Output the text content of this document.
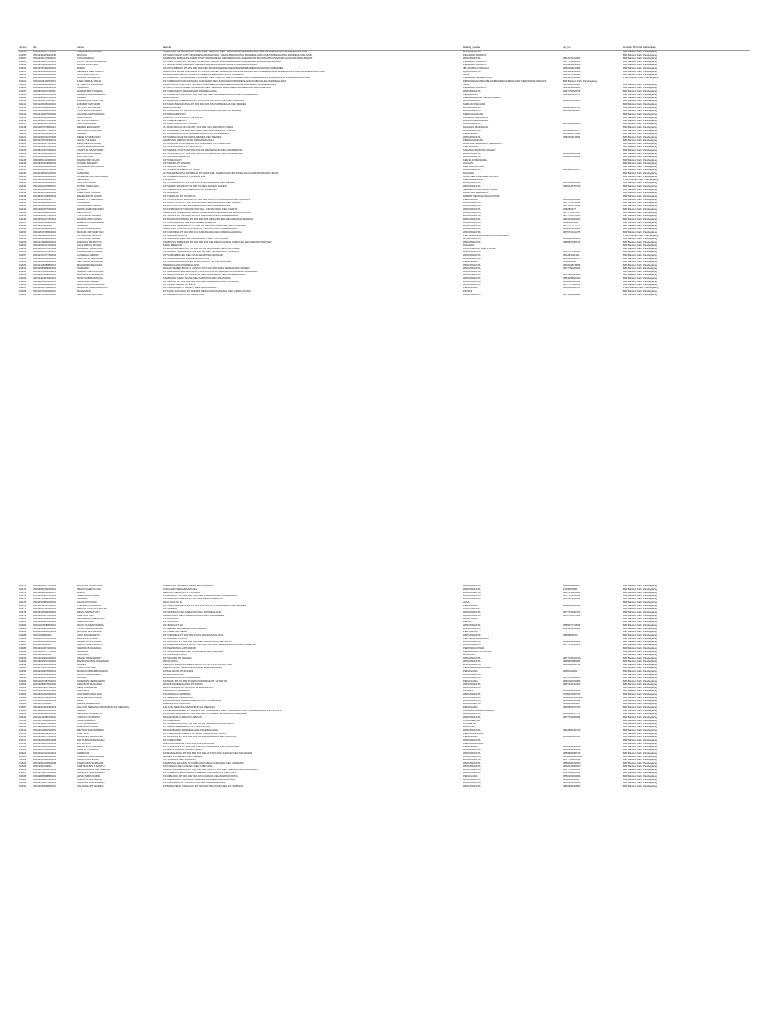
nomor	nik	nama	alamat	bidang_usaha	no_hp	sumber Provinsi Kabupaten
91350	3601241017770316	SAIHABUDIN ROMLI	KAMPUNG CIPACUNG RT 01/03 KEL. SARUNI. KEC. MAJASARI/PANDEGLANG KAB.PANDEGLANG PANDEGLANG KAB	WIRASWASTA		BRI Banten Kab. Pandeglang
91360	3601240306020030	MUSLIH	KP SAMI TANGTU RT 04/02/DESA BANGKONG , DESA BANGKONG PANDEGLANG KAB.PANDEGLANG PANDEGLANG KAB.	PEGAWAI SWASTA		BRI Banten Kab. Pandeglang
91367	3601292117500001	SITI RAHMAH	KAMPUNG BABAKAN ASEM RT/07 RW/02/DESA CIBARENGKOK ASEAM/TAN BOJONGPICUNG/KAB.CIANJUR/JAWA BARAT	WIRASWASTA	081317021083	BRI Banten Kab. Pandeglang
91380	3601264205700001	RATU YAYANI ROMDANI	KP KADU DAUN RT 003 RW 004/DSNS. LABANYAPANDEGLANG KAB.MENES PANDEGLANG KAB.	PEGAWAI SWASTA	087773204895	BRI Banten Kab. Pandeglang
91390	3601311604000001	FAJAR MULYANA	PT IMSUD AGRITAMANDL KENAL/PADAMANI BARATKMAL/I PADAMAN BARAT	PEGAWAI SWASTA	085303009308	BRI Banten Kab. Pandeglang
91400	3601270434000001	MIMIN	DS PATUKBELID RT 001 RW 004/KEC.BOHONGEWAH/DESABANEBABABEINGNORONO KEBUMEN	IBU RUMAH TANGGA	085249910486	BRI Banten Kab. Pandeglang
91401	3601214802830001	NENENG HERYAWATI	KAMPUNG PASIR LAKSANA RT 04 RW 02/KEL.SABAKAN KALANGKAPAH KEC.PANDEGLANGPANDEGLANG KAB.PANDEGLANG KAB	WIRASWASTA	081508983919	BRI Banten Kab. Pandeglang
91402	3601160608040002	UTIA SARI ALIYATI	RUMAH/MAR/HMUL/YANGITA CIREBON/BEDAMBI KOTA CIREBON	NULL	082637482992	BRI Banten Kab. Pandeglang
91403	3601284910040001	MIKING NURHAYATI	KP CIBANGO TENGAHKEL.PILIMBEN KEC.CARITA. KEL.PILIMBEN KEC.PANDEGLANG KAB.LABUAN PANDEGLANG KAB.	PEGAWAI NEGERI SIPIL	081363030303	PNM Banten Kab. Pandeglang
91404	3601191612870001	KAEF ABDUL MALIK	KP CIRENGIN KORJONGKEL.SUKASARI KEC.KADUHEJO/PANDEGLANG/KAB/CIALEG PANDEGLANG	PERUMAHGA BELSBLUK/BENDEGA/PENCAKR KERUM/021230101/2	BRI Banten Kab. Pandeglang	
91405	3601162911890024	M. WAHYU PRATAMA	KOMP.CIPROTAG CIPUTIH KEC.KADUHEJO/CIPERRBEGA/ANGKANG/KHEJO PANDEGLANG	NULL	085503105841	BRI Banten Kab. Pandeglang
91406	3601220809880001	SUHARDI	JL.KETIL KAV.40 BIKEL NASASARI KEC.SERANG BARU/BEKASIBSERANG BARU BEKASI	PEGAWAI SWASTA	082104280280	BRI Banten Kab. Pandeglang
91407	3601861110760002	DARMA BIN TASMAN	KP CISEUNDUT MEKARSARI PANDEGLANG	WIRASWASTA	082779666578	BRI Banten Kab. Pandeglang
91408	3601862101250001	MAMAN ABDURAHMAN	KP BABAKAN KAIKIA RT 001 RW 012 KEL.PANIMBANG/JAYA KEC.PANIMBANG	PEDAGANG	081911314778	BRI Banten Kab. Pandeglang
91409	3601860905760002	JAMHA	ARIKODANG	PERDEGA/MAG KELAPA SAWIT		BRI Banten Kab. Pandeglang
91410	3601911107620115	MAHMUDIN SOFIYAN	KP BABAKAN KEMBANG RT 01 RW 04 DS CILILITAN KEC.PADANG	WIRASWASTA	085812720385	BRI Banten Kab. Pandeglang
91411	3601130408040001	E BABAT MATHORI	KP KADU BANGKONG RT 003 RW 006 DS PURWARAJA KEC MENES	SABLON PAKAIAN		BRI Banten Kab. Pandeglang
91412	3601461508910002	NYI AYU SUTARSIH	MAJAU MAJAU	WIRASWASTA	082885212760	BRI Banten Kab. Pandeglang
91413	3601506908020001	YUNI MAULINASARI	KP CIBODAG RT 02 RW 03 DS CURUGBARANG KEC CIPECANG	WIRASWASTA	085911182400	BRI Banten Kab. Pandeglang
91414	3601214607030002	JULIANA ARSTONANG	KP PANGAMPOAN	PERDAGANGAN		BRI Banten Kab. Pandeglang
91415	3601210401920002	NUR HAYATI	CIUDUN TONJONG RT 19 RW 06	DAGANG MAKANAN		BRI Banten Kab. Pandeglang
91416	3601304107050008	nu TATI ROSMIATI	KP CISEKE MELATI	DAGA/UNAN/ABANG		BRI Banten Kab. Pandeglang
91417	3601890410762003	NIA KURNIASIH	KP KARYA BAKTI RT 002/011	WIRASWASTA	087888845420	BRI Banten Kab. Pandeglang
91418	3601110707860224	DEDEN ERNAWATI	JL. BUDI MULIA NO.124 RT. 012 RW. 012 JAKARTA UTARA	DAGANG MAKANAN		BRI Banten Kab. Pandeglang
91419	3601204257706001	AGI CAHYA DIGUNA	KP PAGIEBET DS BANJAR SARI KEC.KADUHEJO RT.002/03	WIRASWASTA	085948266877	BRI Banten Kab. Pandeglang
91420	3601261208620001	NASRIP	KP PANIMBANG DS PANIMBANGJAYA KC PANIMBANG	PEDAGANG	081319370082	BRI Banten Kab. Pandeglang
91421	3601260156270026	DEDE SYARIFUDIN	KP SARIDA DS/E DS DESA MENES KEC MENES	WIRASWASTA	085245314654	BRI Banten Kab. Pandeglang
91422	3601270150692031	JULIU YULIANA	KAMPUNG DEPOK 015/0 SINDANGKASIH	PERDAGANGAN		BRI Banten Kab. Pandeglang
91423	3601204107530108	REIN RESITA FAUZI	KP BUNGUR DUA 002/001 DS CIMANBIN KC CIBALONG	WARUNG SEMBAKO SEMBAKO		BRI Banten Kab. Pandeglang
91424	3601941307862001	RAKIM ERMAWAN/SHI	KP TANJUNGJAYA RT 02 RW 04	PERTANIAN		BRI Banten Kab. Pandeglang
91425	3601801407060021	YAZZT AL MUSTORIB	KP SIRMUL/YA RT 002 RW 004 DS MENARSARI KEC PANIMBANG	SARANG BURUNG WALET		BRI Banten Kab. Pandeglang
91426	3601201911082001	EZII BIN DARSIMAH	KP SUKAMAJU RT 002 RW 003 DS CITEURUUP KEC PANIMBANG	WIRASWASTA	085256020502	BRI Banten Kab. Pandeglang
91427	3601102408020004	ADI CAHYADI	KP KALAMIN BEBUSO	WIRASWASTA	085287083430	BRI Banten Kab. Pandeglang
91428	3601080211600002	RAMAN BIN SAJIN	KP TAMIAOLOT	KERJA DI BENGKEL		BRI Banten Kab. Pandeglang
91429	3601900303890002	SYARIF RAHMAT	KP TARIKILOT 002/002	JUALAN		BRI Banten Kab. Pandeglang
91430	3601802306800001	MUNAWAR BIN AGUS	KP KEUSIK 002/002	PERTANIAN PADI		BRI Banten Kab. Pandeglang
91431	3601501909710001	NATA	KP CIGEULIS BARAT RT 01/08	WIRASWASTA	081382056277	BRI Banten Kab. Pandeglang
91432	3601034811610002	SUDIASIH	JL PAGARIBH DSL RATIBAJA RT 02/09 KEL JAMIKA KEC BOJONGLOA KALER BANDUNG 40231	DAGANG		BRI Banten Kab. Pandeglang
91433	3601120508800238	SOHIBBIN FATUROHMAN	KP KASEMAN/SAN RT 014/004 RW.	JASA SERVICE ELEKTRONIK		BRI Banten Kab. Pandeglang
91434	3601124508890001	NENGSIH	PUCEC/LIT	PERDAGANGAN		PNM Banten Kab. Pandeglang
91435	3601101202630002	SOFYAN SAURI	KP CITAMIANG RT 02 RW 01 DS SUKAMANAH KEC MENES	WIRASWASTA	085782820344	BRI Banten Kab. Pandeglang
91436	3601104107860031	PUTRI TIARA ADLI	KP SAKETI PASIR RT 02 RW 01 DES SAKETI SAKETI	WIRASWASTA	083612875760	BRI Banten Kab. Pandeglang
91437	3601042611850002	RUSMIN	KP CIBINGI DS SUKASENDRU KC CIKEUSIK	SEMBAKO DAN HASIL BUMI		BRI Banten Kab. Pandeglang
91438	3601890150820004	SAEPUDIN JUHRIA	KP BLIBANG	WARUNG SEMBAKO		BRI Banten Kab. Pandeglang
91439	3601891700890002	BAHRUDIN B JAKIRI	KP TURNLAK RT 06 RW 04	PABRIK PENGGILINGAN PADI		BRI Banten Kab. Pandeglang
91440	3601068640001	RAHAYTI YOELANDA	KP CIUCNOANO MASJID RT 003 RW 004 DS OGONDANG KEC LABUAN	PEDAGANG	081080000000	BRI Banten Kab. Pandeglang
91441	3601140408802001	JUHAIDAH	KP PAMOYANG RT 012 RW 004 KEL.MEKARWANGI KEC.SAKETI	WIRASWASTA	087772978854	BRI Banten Kab. Pandeglang
91442	3601211805800002	TB ACHMAD FAUAL	PASIR KUNTUL KEL PANDEGLANG KEC.PANDEGLANG	WIRASWASTA	087552073132	BRI Banten Kab. Pandeglang
91443	3601260207500002	FENDI AHMADIN.ERN	KP KOMPLEK RT 003 RW 002 KEL. CIKONYANG KEC.CARITA	WIRASWASTA	035283277	BRI Banten Kab. Pandeglang
91444	3601220806810001	HERYANTO	KAMPUNG SAMLUKUR DESA PASIRJANGA KECAMATAN MORONCONG	WIRASWASTA	087773507327	BRI Banten Kab. Pandeglang
91445	3601242807680001	IYAS HALILI HASAN	KP JIDNUK RT 003 RW 003 DS KADOMAS KEC.PANDEGLANG	WIRASWASTA	087772872660	BRI Banten Kab. Pandeglang
91446	3601352102760001	RASPAN BIN KATRA	KP BOJEN BANTENG RT 002 RW 003 DESA BOJEN KECAMATAN SERANG	WIRASWASTA	081916262261	BRI Banten Kab. Pandeglang
91447	3601160409880002	ENENG KOMALASARI	KP KADUMBANG GIRANG CEMEL LIMBAYA	WIRASWASTA	081111111111	BRI Banten Kab. Pandeglang
91448	3601607405001	SUBHAN	KAMPUNG SEMPER RT 07 RW 04 KEL.BATUBANTAR KEC.CIMANUK	WIRASWASTA	087777777777	BRI Banten Kab. Pandeglang
91449	3601211612830026	H.USIN CHAIRUDIN	KAMPUNG TONJOLAYA KALIK RT 001 RW 008 PANDEGLANG	WIRASWASTA	085216101083	BRI Banten Kab. Pandeglang
91450	3601152708800004	MASUR 435 SDIKYAN	KP CIRONDA RT 001 RW 013 KADONANG KEC MANDALAWANGI	WIRASWASTA	087671641475	BRI Banten Kab. Pandeglang
91451	3601124806130001	KP BANJAR AGLON	KP BANJAR AGLON	PENYEDIA MAKANAN DAN MINUMAN		PNM Banten Kab. Pandeglang
91452	3601104909830001	TITA PUURTISAAKI	KP. GIDBANG KEL. BATUBANJANG / KEC. CIPUCANG	WIRASWASTA	085696165220	BRI Banten Kab. Pandeglang
91453	3601213806820001	ENDANG PRADITYA	KAMPUNG BABAKAN RT 004 RW 002 KEL/DESA KAANG KABUALE KECAMATAN BANJAR	WIRASWASTA	085687066070	BRI Banten Kab. Pandeglang
91454	3601202101740001	JAJA ABDUL ROJAK	KADU BEREUM	DAGANG		BRI Banten Kab. Pandeglang
91455	3601520107820192	ACHMAD SUPRIYADI	KP.BOJONG HEJO RT 02 RW 06 DS SUKASARI KEC.PULOSARI	COUNTER HP DAN PULSA		BRI Banten Kab. Pandeglang
91456	3601200107811025	ROHAN/ABN CINDAK	KP BOJEN TANGGUL RT 02 RW 02 KEL. BOJEN KEC. SOBANG	WIRASWASTA	087871755610	BRI Banten Kab. Pandeglang
91457	3601201707760002	A ZAENAL ABIDIN	KP SUMURBULEU KEL CITALAHAB KEC BANJAR	WIRASWASTA	081284111111	BRI Banten Kab. Pandeglang
91458	3601200209820002	SUFIYATIB SARM/AM	KP KAWANG ASIH PANDEGLANG KAL	WIRASWASTA	081363003676	BRI Banten Kab. Pandeglang
91459	3601200101890002	KEF FADLI/ALLAH AR	KP SUKAWANDANG KEL CIGAUNG/PUTRI KEC.BANJAR	PEDAGANG	025203860	BRI Banten Kab. Pandeglang
91460	3601211508880001	MUHAMMAD/HASAN	PANDEGLANG PANDEGLANG	WIRASWASTA	081910874686	BRI Banten Kab. Pandeglang
91461	3601208089802002	NURHADI	PASAR SENEN BLOK II LANTAI 4 RT 001 RW 006/L SENEN KEC.SENEN	WIRASWASTA	087775626634	BRI Banten Kab. Pandeglang
91462	3601207020809001	AHMAD TAETASJUAB	KP BARUBAN MALABANG RT 001 RW 003 DS MEKAR/TRUNBANG CADASARI	WIRASWASTA		BRI Banten Kab. Pandeglang
91463	3601220808880001	MANSUR B SARMUDI	KP MAJA MASJID RT 01 RW 02 KEL.SUKAMAJU KEC.PANDEGLANG	WIRASWASTA	085592368468	BRI Banten Kab. Pandeglang
91464	3601240407840001	ROSI NURDIANSYAH	KAMPUNG KADU SIANA KEL KARATON KEC MAJASARI	WIRASWASTA	085103862340	BRI Banten Kab. Pandeglang
91465	3601202049110002	SAKURAH KEMAL	KP DEPOK RT 002 RW 002 DS KERTARAHARJA KEC SOBANG	WIRASWASTA	085208020002	BRI Banten Kab. Pandeglang
91466	3601100806800004	MUKTAR BIN ANDUAH	KP PASIR JAMBU RT.24/08	WIRASWASTA	087771700015	BRI Banten Kab. Pandeglang
91467	3601104070880001	MAKMUR SAMSU/HAYATI	KP KADUDAMPIT SAKETI DES.KADUDAMPIT	PEDAGANG	085666282785	PNM Banten Kab. Pandeglang
91468	3601107104000001	MAHFUDIN	KP KADU KACANG RT 002/003 DESA KADUGUNUNG KEC CIPELUCANG	PETANI		BRI Banten Kab. Pandeglang
91469	3601047079000004	SRI BUNGA MAYANG	JL. BANGKA RAYA GG. AMAL 6/02	WIRASWASTA	087781194382	BRI Banten Kab. Pandeglang
91470	3601901007720024	ENTONG SUPRIYADI	KAMPUNG NAGROG DESA BAYUMUNDU	WIRASWASTA	081916838197	BRI Banten Kab. Pandeglang
91471	3601665108200001	IRFAN SAEPULLOH	SUKAJADI MEKARSARI KEL.	WIRASWASTA	1234567891	BRI Banten Kab. Pandeglang
91472	3601194002820007	MIMIN	MEIDON SEJATI/KI RT 001/001	WIRASWASTA	082785223626	BRI Banten Kab. Pandeglang
91473	3601662404720001	SAEPUDIN B.MAH	KP.BINGKUT RT 003 RW 013 KEL.KARANG KEC.PANIMBANG	WIRASWASTA	087772431502	BRI Banten Kab. Pandeglang
91474	3601073808860002	SUKAES	KP.KABANG CILENG RT 007/008 DESA LAHMAYA	WIRASWASTA	087885352612	BRI Banten Kab. Pandeglang
91475	3601203088420001	AGUS ROSYADI	PAAL DUA LK B	JASA		BRI Banten Kab. Pandeglang
91476	3601131201720002	TUBAGUS ALWALID	KP KADU BANGKONG RT 001 RW 006 DS PURWARAJA KEC.MENES	PEDAGANG	085216080016	BRI Banten Kab. Pandeglang
91477	3601164708030001	MELON CUCITA PRATWI	KP IKADEN	COUNTER HP		BRI Banten Kab. Pandeglang
91478	3601210608030001	DEVA JUMANIYATI	KP SINURKU KEL KABAYAN KEC PANDEGLANG	WIRASWASTA	087772640700	BRI Banten Kab. Pandeglang
91479	3601200407060002	ADE SOFYAN	RAWA LAUJI KEL PEGADUNGAN KEC.KALIDERES	WIRASWASTA	087878037580	BRI Banten Kab. Pandeglang
91480	3601280409840001	MUHAMAD ZAENUDIN	KP BURUNG	HASIL BUMI		BRI Banten Kab. Pandeglang
91481	3601288807830002	ABDULROSID	KP SUKAKIN	KERJA		BRI Banten Kab. Pandeglang
91482	3601120308800002	RATU CHOERUNNISA	KP. BARU RT.1/2	WIRASWASTA	085507774569	BRI Banten Kab. Pandeglang
91483	3601013086302001	YAYAT ARIFATULLAH	KP MENES DS MENES KEC MENES	WIRASWASTA	081599203468	BRI Banten Kab. Pandeglang
91484	3601662804010001	MUSLIM BIN ARSAD	KP CIBEUSIK DESA	PERTANIAN		BRI Banten Kab. Pandeglang
91485	3601105080002	YANI SINUMADITO	KP CIRONDA RT 004 RW 04 DS MANGGUNGJAYA	WIRASWASTA	0865883040	BRI Banten Kab. Pandeglang
91486	3601247070370001	ELA ROSTIKNAH	KP BANJAR KULON	PENTEDA MAKANAN		BRI Banten Kab. Pandeglang
91487	3601430204000001	HINDA NOVITASARI	KP BOJONG RT 001 RW 003 KEL.SALAPRAYA KEC.APUT	WIRASWASTA	088888888888	BRI Banten Kab. Pandeglang
91488	3601411610001	HIRFIN SAIM MAYATI	KP BABAKAN/SANDI.NU RT 002 RW 002 KEL CIMRUHIMATAN KEC CIBELIAK	WIRASWASTA	087772262206	BRI Banten Kab. Pandeglang
91489	3601302407440001	SAMSIN B.DADANG	KP PEMATANG JATI/002/08	PERTANIAN PADI		BRI Banten Kab. Pandeglang
91490	3601622077770001	MAHFUD	KP SUMURBUBEU KEL CITALAHAB KEC.BANJAR	PEDAGANG LOS BUAH		BRI Banten Kab. Pandeglang
91491	3601164100002	SOFINAH	KP CANGKEUTEUK	WARUNG		BRI Banten Kab. Pandeglang
91492	3601204901630001	INDAH TRISNAWATI	KP SANJAR RT 002/003	WIRASWASTA	087772632130	BRI Banten Kab. Pandeglang
91493	3601662604720001	BANDANG BIN MUHAMAD	PATAI PATIA	WIRASWASTA	085955488384	BRI Banten Kab. Pandeglang
91494	3601204502000001	ROHIDI	PERUM TAMAN MODERN BLOK C3 NO 01 RT.015/RT.129	WIRASWASTA	081646049702	BRI Banten Kab. Pandeglang
91495	3601470107090001	YADI FITRIYADI	PERUM BUKIT KEMUNING DESA BURANGKENG	PENGGANAN/AN PADI		BRI Banten Kab. Pandeglang
91496	3601201807830001	MAMAN ABDURROHMAN	KP.KALUKON RT.001/002	PEDAGANG	0836102002	BRI Banten Kab. Pandeglang
91497	3601200308880002	MAYA JUMMILAWATI	KP.MAJAU/DUSU	WIRASWASTA		BRI Banten Kab. Pandeglang
91498	3601300107890101	JUBAIR	PANIMBANGJAYA PANIMBANG	WIRASWASTA	085750438182	BRI Banten Kab. Pandeglang
91499	3601100708700002	NOERDIN HERMAWAN	KP BARU RT 10 RW 03 DES PASIRMAE RT 10 RW 05	PEDAGANG	085216033080	BRI Banten Kab. Pandeglang
91500	3601208807830002	AKROM B SUHANDA	PASAR PANDEGLANG RT.03/004	WIRASWASTA	085734431323	BRI Banten Kab. Pandeglang
91501	3601226404700001	NENI SUHAESIH	BLOK PAHING RT.02 RW.0 SINDANGLAUT	WIRASWASTA		BRI Banten Kab. Pandeglang
91502	3601208406010001	SUDIMAN	CIBINGKUT/SUHARDI	JUALAN	085000000000	BRI Banten Kab. Pandeglang
91503	3601620208100001	AAS ARIB MAULANA	TIGARAKSA LAMPARA	WIRASWASTA	070007000700	BRI Banten Kab. Pandeglang
91504	3601202708840002	NINA NIKGRUNSISA	KP SEMPUR CIBALIANG	WIRASWASTA	085093003000/B	BRI Banten Kab. Pandeglang
91505	3601604102820002	AIDIL	LINGKUNGAN SIMARKHARNA 06 07 CISEMBOR	WIRASWASTA	081289166063	BRI Banten Kab. Pandeglang
91506	3601107102002	ABING MAHADMIN	RAMANLUU CIUDUON	WIRASWASTA	083691110324	BRI Banten Kab. Pandeglang
91507	3601620404000001	KALLON SERANG PENGIRUN AS SERANG	KALLON SERANG PENGIRUN AS SERANG	PEDAGANG	081886472760	BRI Banten Kab. Pandeglang
91508	3601220107860105	NIRDIA	KP.CIBAHO/HAJER RT 002/001 DS. TANGKARN KEC. CADASARI KAB. PANDEGLANG PROVINSI B	DAGANG BUAH-BUAHAN		BRI Banten Kab. Pandeglang
91509	3601200102830000	NENONG SUHARTIN	KP.PASIR GADUNG RT.001 RW.002 DS SIKENTIR/NGKING.CADASARI	WIRASWASTA	085283647773	BRI Banten Kab. Pandeglang
91510	3601121408670001	VIJAYTO SUPARTA	PASAR BARU LABUAN LABUAN	WIRASWASTA	087772435035	BRI Banten Kab. Pandeglang
91511	3601107088000003	OHAN BAIHAKI	KP KANANGA	VOUCHER HP		BRI Banten Kab. Pandeglang
91512	3601050807080001	UUS SUSILAWATI	KP TAMBAK BAYA RT 02 RW 03 DS SALAPRAYA KEC.APUT	KOSMETIK		BRI Banten Kab. Pandeglang
91513	3601900802840002	ENE MURTASIAH	JL TAMAN MERDEKA II RT 001 RW 006	WARUNG		BRI Banten Kab. Pandeglang
91514	3601201006200001	BINTON SAKOMBARU	PASAR BADAK PANDEGLANG PANDEGLANG	WIRASWASTA	081280643720	BRI Banten Kab. Pandeglang
91515	3601200108830001	KARTIMA	KP CIBUNGUR GARDU JL JASA, CIGALAKIRT 3/006	PERDAGANGAN		BRI Banten Kab. Pandeglang
91516	3601302107060001	WAHUSIN BANDUNG	KP BOJONG RT 003 RW 020 PASIMGGRAHAN KEC MUNJUL	PEDAGANG	085092620555	BRI Banten Kab. Pandeglang
91517	3601304612810008	SRI FURNAKMONGAH	KP CIMEYARDI	WIRASWASTA		BRI Banten Kab. Pandeglang
91518	3601214607860002	ETI ROYATI	BALONG KEBOR/T 012 RW 003 MANJOUR	PERDAGANGAN		BRI Banten Kab. Pandeglang
91519	3601107020008000	DEDIN MUKTARUDIN	KP CIGADUNG RT 002 RW 010 DS CIGADUNG KEC.PULOSARI	PEDAGANG	083694806140	BRI Banten Kab. Pandeglang
91520	3601300701640003	ODM SITI WAHBA	PONDOK BAMBU DUREN SAWIT	WIRASWASTA	081291332219	BRI Banten Kab. Pandeglang
91521	3601204412410001	ANDRIANI	KP.MANGUNAH RT 002 RW 012 KEL.RT 001 KEC.SARUNI KEC.MAJASARI	WIRASWASTA	085382058730	BRI Banten Kab. Pandeglang
91522	3601264812830001	TIREKLI PAMUNGKAH	MENES DS MENES KEC MENES	WIRASWASTA	081699203496S	BRI Banten Kab. Pandeglang
91523	3601002012830001	SUAKU BIN IFING	KP SOBANG KEL SOBANG	WIRASWASTA	087773216449	BRI Banten Kab. Pandeglang
91524	3601200312830008	KAEDA BIN SAMNUDI	KAMPUNG ANJUNG NYOMPLONG DESA CIMANAN KEC CIMANUK	WIRASWASTA	085903003000	BRI Banten Kab. Pandeglang
91525	3601200310841	SABTIDA BIN T.SANTU	KP.CIANGU KEL.CIANGU KEC.CIBITUNG	WIRASWASTA	085227830000	BRI Banten Kab. Pandeglang
91526	3601227208970001	AMAN/UPANG BIN SARIKIN	SURUPUN MARAKA RT 002 RW 002 KEL RT 001 KEC.SARUNI KEC.MAJASARI	WIRASWASTA	087772440000	BRI Banten Kab. Pandeglang
91527	3601272307000002	NANANG KURNIAWAN	KP CIKEBUI KELURAHAN CIMERAK KECAMATAN CIBITUNG	WIRASWASTA	085782916063	BRI Banten Kab. Pandeglang
91528	3601280508880002	APUD SIBIN SUBKI	KP.HIBLANG RT 001 RW 001 DS KARANG KECAMATAN PATIA	PEDAGANG	085210303003	BRI Banten Kab. Pandeglang
91529	3601228807830003	KARNITA BIN ANJAR	KP.SANGIANG TANJUNG SOBANG PANDEGLANG BANTEN	WIRASWASTA	08980000000	BRI Banten Kab. Pandeglang
91530	3601272207560002	NANANG KURNIAWAN	KP.CIBUNGUR RT 001 RW 001 KEL.PASIRGADUNG	WIRASWASTA	085723403000	BRI Banten Kab. Pandeglang
91531	3601204300850001	SALAMAH BT MARDA	KP.BANGTENG TANGGUL RT 003 RW 002 DS BOJEN KC SOBANG	WIRASWASTA	085296020852	BRI Banten Kab. Pandeglang
